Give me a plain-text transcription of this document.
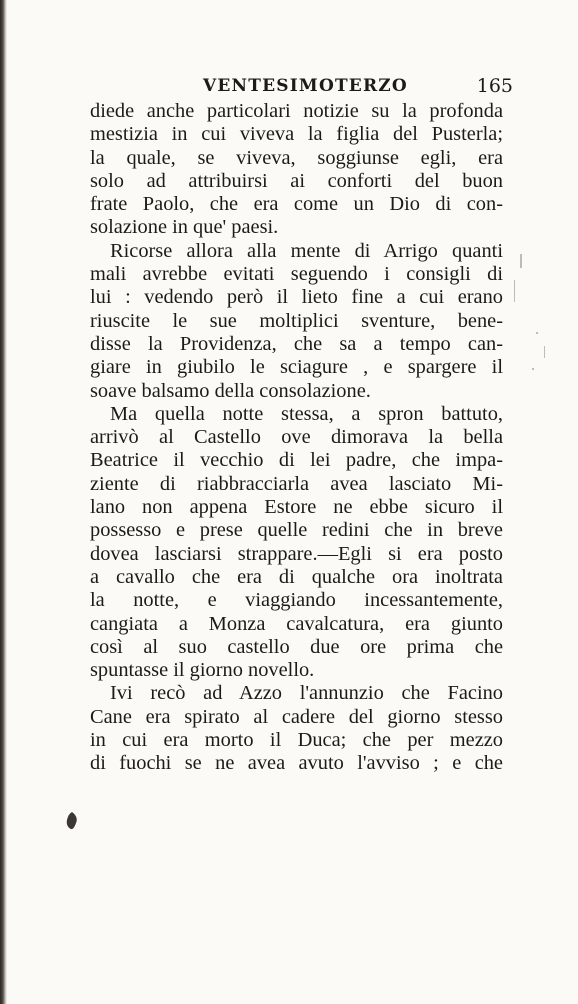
VENTESIMOTERZO	165
diede anche particolari notizie su la profonda
mestizia in cui viveva la figlia del Pusterla;
la quale, se viveva, soggiunse egli, era
solo ad attribuirsi ai conforti del buon
frate Paolo, che era come un Dio di con-
solazione in que' paesi.
Ricorse allora alla mente di Arrigo quanti
mali avrebbe evitati seguendo i consigli di
lui : vedendo però il lieto fine a cui erano
riuscite le sue moltiplici sventure, bene-
disse la Providenza, che sa a tempo can-
giare in giubilo le sciagure , e spargere il
soave balsamo della consolazione.
Ma quella notte stessa, a spron battuto,
arrivò al Castello ove dimorava la bella
Beatrice il vecchio di lei padre, che impa-
ziente di riabbracciarla avea lasciato Mi-
lano non appena Estore ne ebbe sicuro il
possesso e prese quelle redini che in breve
dovea lasciarsi strappare.—Egli si era posto
a cavallo che era di qualche ora inoltrata
la notte, e viaggiando incessantemente,
cangiata a Monza cavalcatura, era giunto
così al suo castello due ore prima che
spuntasse il giorno novello.
Ivi recò ad Azzo l'annunzio che Facino
Cane era spirato al cadere del giorno stesso
in cui era morto il Duca; che per mezzo
di fuochi se ne avea avuto l'avviso ; e che
